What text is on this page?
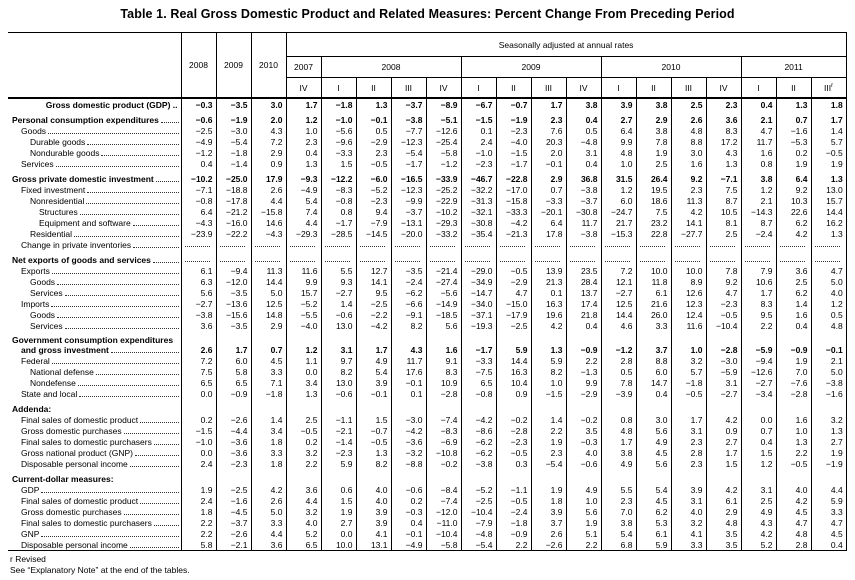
Table 1. Real Gross Domestic Product and Related Measures: Percent Change From Preceding Period
	2008	2009	2010	Seasonally adjusted at annual rates															
				2007	2008				2009				2010				2011		
				IV	I	II	III	IV	I	II	III	IV	I	II	III	IV	I	II	III$^r$

Gross domestic product (GDP) ..	−0.3	−3.5	3.0	1.7	−1.8	1.3	−3.7	−8.9	−6.7	−0.7	1.7	3.8	3.9	3.8	2.5	2.3	0.4	1.3	1.8

Personal consumption expenditures	−0.6	−1.9	2.0	1.2	−1.0	−0.1	−3.8	−5.1	−1.5	−1.9	2.3	0.4	2.7	2.9	2.6	3.6	2.1	0.7	1.7

Goods	−2.5	−3.0	4.3	1.0	−5.6	0.5	−7.7	−12.6	0.1	−2.3	7.6	0.5	6.4	3.8	4.8	8.3	4.7	−1.6	1.4

Durable goods	−4.9	−5.4	7.2	2.3	−9.6	−2.9	−12.3	−25.4	2.4	−4.0	20.3	−4.8	9.9	7.8	8.8	17.2	11.7	−5.3	5.7

Nondurable goods	−1.2	−1.8	2.9	0.4	−3.3	2.3	−5.4	−5.8	−1.0	−1.5	2.0	3.1	4.8	1.9	3.0	4.3	1.6	0.2	−0.5

Services	0.4	−1.4	0.9	1.3	1.5	−0.5	−1.7	−1.2	−2.3	−1.7	−0.1	0.4	1.0	2.5	1.6	1.3	0.8	1.9	1.9

Gross private domestic investment	−10.2	−25.0	17.9	−9.3	−12.2	−6.0	−16.5	−33.9	−46.7	−22.8	2.9	36.8	31.5	26.4	9.2	−7.1	3.8	6.4	1.3

Fixed investment	−7.1	−18.8	2.6	−4.9	−8.3	−5.2	−12.3	−25.2	−32.2	−17.0	0.7	−3.8	1.2	19.5	2.3	7.5	1.2	9.2	13.0

Nonresidential	−0.8	−17.8	4.4	5.4	−0.8	−2.3	−9.9	−22.9	−31.3	−15.8	−3.3	−3.7	6.0	18.6	11.3	8.7	2.1	10.3	15.7

Structures	6.4	−21.2	−15.8	7.4	0.8	9.4	−3.7	−10.2	−32.1	−33.3	−20.1	−30.8	−24.7	7.5	4.2	10.5	−14.3	22.6	14.4

Equipment and software	−4.3	−16.0	14.6	4.4	−1.7	−7.9	−13.1	−29.3	−30.8	−4.2	6.4	11.7	21.7	23.2	14.1	8.1	8.7	6.2	16.2

Residential	−23.9	−22.2	−4.3	−29.3	−28.5	−14.5	−20.0	−33.2	−35.4	−21.3	17.8	−3.8	−15.3	22.8	−27.7	2.5	−2.4	4.2	1.3

Change in private inventories																			

Net exports of goods and services																			

Exports	6.1	−9.4	11.3	11.6	5.5	12.7	−3.5	−21.4	−29.0	−0.5	13.9	23.5	7.2	10.0	10.0	7.8	7.9	3.6	4.7

Goods	6.3	−12.0	14.4	9.9	9.3	14.1	−2.4	−27.4	−34.9	−2.9	21.3	28.4	12.1	11.8	8.9	9.2	10.6	2.5	5.0

Services	5.6	−3.5	5.0	15.7	−2.7	9.5	−6.2	−5.6	−14.7	4.7	0.1	13.7	−2.7	6.1	12.6	4.7	1.7	6.2	4.0

Imports	−2.7	−13.6	12.5	−5.2	1.4	−2.5	−6.6	−14.9	−34.0	−15.0	16.3	17.4	12.5	21.6	12.3	−2.3	8.3	1.4	1.2

Goods	−3.8	−15.6	14.8	−5.5	−0.6	−2.2	−9.1	−18.5	−37.1	−17.9	19.6	21.8	14.4	26.0	12.4	−0.5	9.5	1.6	0.5

Services	3.6	−3.5	2.9	−4.0	13.0	−4.2	8.2	5.6	−19.3	−2.5	4.2	0.4	4.6	3.3	11.6	−10.4	2.2	0.4	4.8

Government consumption expenditures
and gross investment	2.6	1.7	0.7	1.2	3.1	1.7	4.3	1.6	−1.7	5.9	1.3	−0.9	−1.2	3.7	1.0	−2.8	−5.9	−0.9	−0.1

Federal	7.2	6.0	4.5	1.1	9.7	4.9	11.7	9.1	−3.3	14.4	5.9	2.2	2.8	8.8	3.2	−3.0	−9.4	1.9	2.1

National defense	7.5	5.8	3.3	0.0	8.2	5.4	17.6	8.3	−7.5	16.3	8.2	−1.3	0.5	6.0	5.7	−5.9	−12.6	7.0	5.0

Nondefense	6.5	6.5	7.1	3.4	13.0	3.9	−0.1	10.9	6.5	10.4	1.0	9.9	7.8	14.7	−1.8	3.1	−2.7	−7.6	−3.8

State and local	0.0	−0.9	−1.8	1.3	−0.6	−0.1	0.1	−2.8	−0.8	0.9	−1.5	−2.9	−3.9	0.4	−0.5	−2.7	−3.4	−2.8	−1.6

Addenda:																			

Final sales of domestic product	0.2	−2.6	1.4	2.5	−1.1	1.5	−3.0	−7.4	−4.2	−0.2	1.4	−0.2	0.8	3.0	1.7	4.2	0.0	1.6	3.2

Gross domestic purchases	−1.5	−4.4	3.4	−0.5	−2.1	−0.7	−4.2	−8.3	−8.6	−2.8	2.2	3.5	4.8	5.6	3.1	0.9	0.7	1.0	1.3

Final sales to domestic purchasers	−1.0	−3.6	1.8	0.2	−1.4	−0.5	−3.6	−6.9	−6.2	−2.3	1.9	−0.3	1.7	4.9	2.3	2.7	0.4	1.3	2.7

Gross national product (GNP)	0.0	−3.6	3.3	3.2	−2.3	1.3	−3.2	−10.8	−6.2	−0.5	2.3	4.0	3.8	4.5	2.8	1.7	1.5	2.2	1.9

Disposable personal income	2.4	−2.3	1.8	2.2	5.9	8.2	−8.8	−0.2	−3.8	0.3	−5.4	−0.6	4.9	5.6	2.3	1.5	1.2	−0.5	−1.9

Current-dollar measures:																			

GDP	1.9	−2.5	4.2	3.6	0.6	4.0	−0.6	−8.4	−5.2	−1.1	1.9	4.9	5.5	5.4	3.9	4.2	3.1	4.0	4.4

Final sales of domestic product	2.4	−1.6	2.6	4.4	1.5	4.0	0.2	−7.4	−2.5	−0.5	1.8	1.0	2.3	4.5	3.1	6.1	2.5	4.2	5.9

Gross domestic purchases	1.8	−4.5	5.0	3.2	1.9	3.9	−0.3	−12.0	−10.4	−2.4	3.9	5.6	7.0	6.2	4.0	2.9	4.9	4.5	3.3

Final sales to domestic purchasers	2.2	−3.7	3.3	4.0	2.7	3.9	0.4	−11.0	−7.9	−1.8	3.7	1.9	3.8	5.3	3.2	4.8	4.3	4.7	4.7

GNP	2.2	−2.6	4.4	5.2	0.0	4.1	−0.1	−10.4	−4.8	−0.9	2.6	5.1	5.4	6.1	4.1	3.5	4.2	4.8	4.5

Disposable personal income	5.8	−2.1	3.6	6.5	10.0	13.1	−4.9	−5.8	−5.4	2.2	−2.6	2.2	6.8	5.9	3.3	3.5	5.2	2.8	0.4
r Revised
See “Explanatory Note” at the end of the tables.
